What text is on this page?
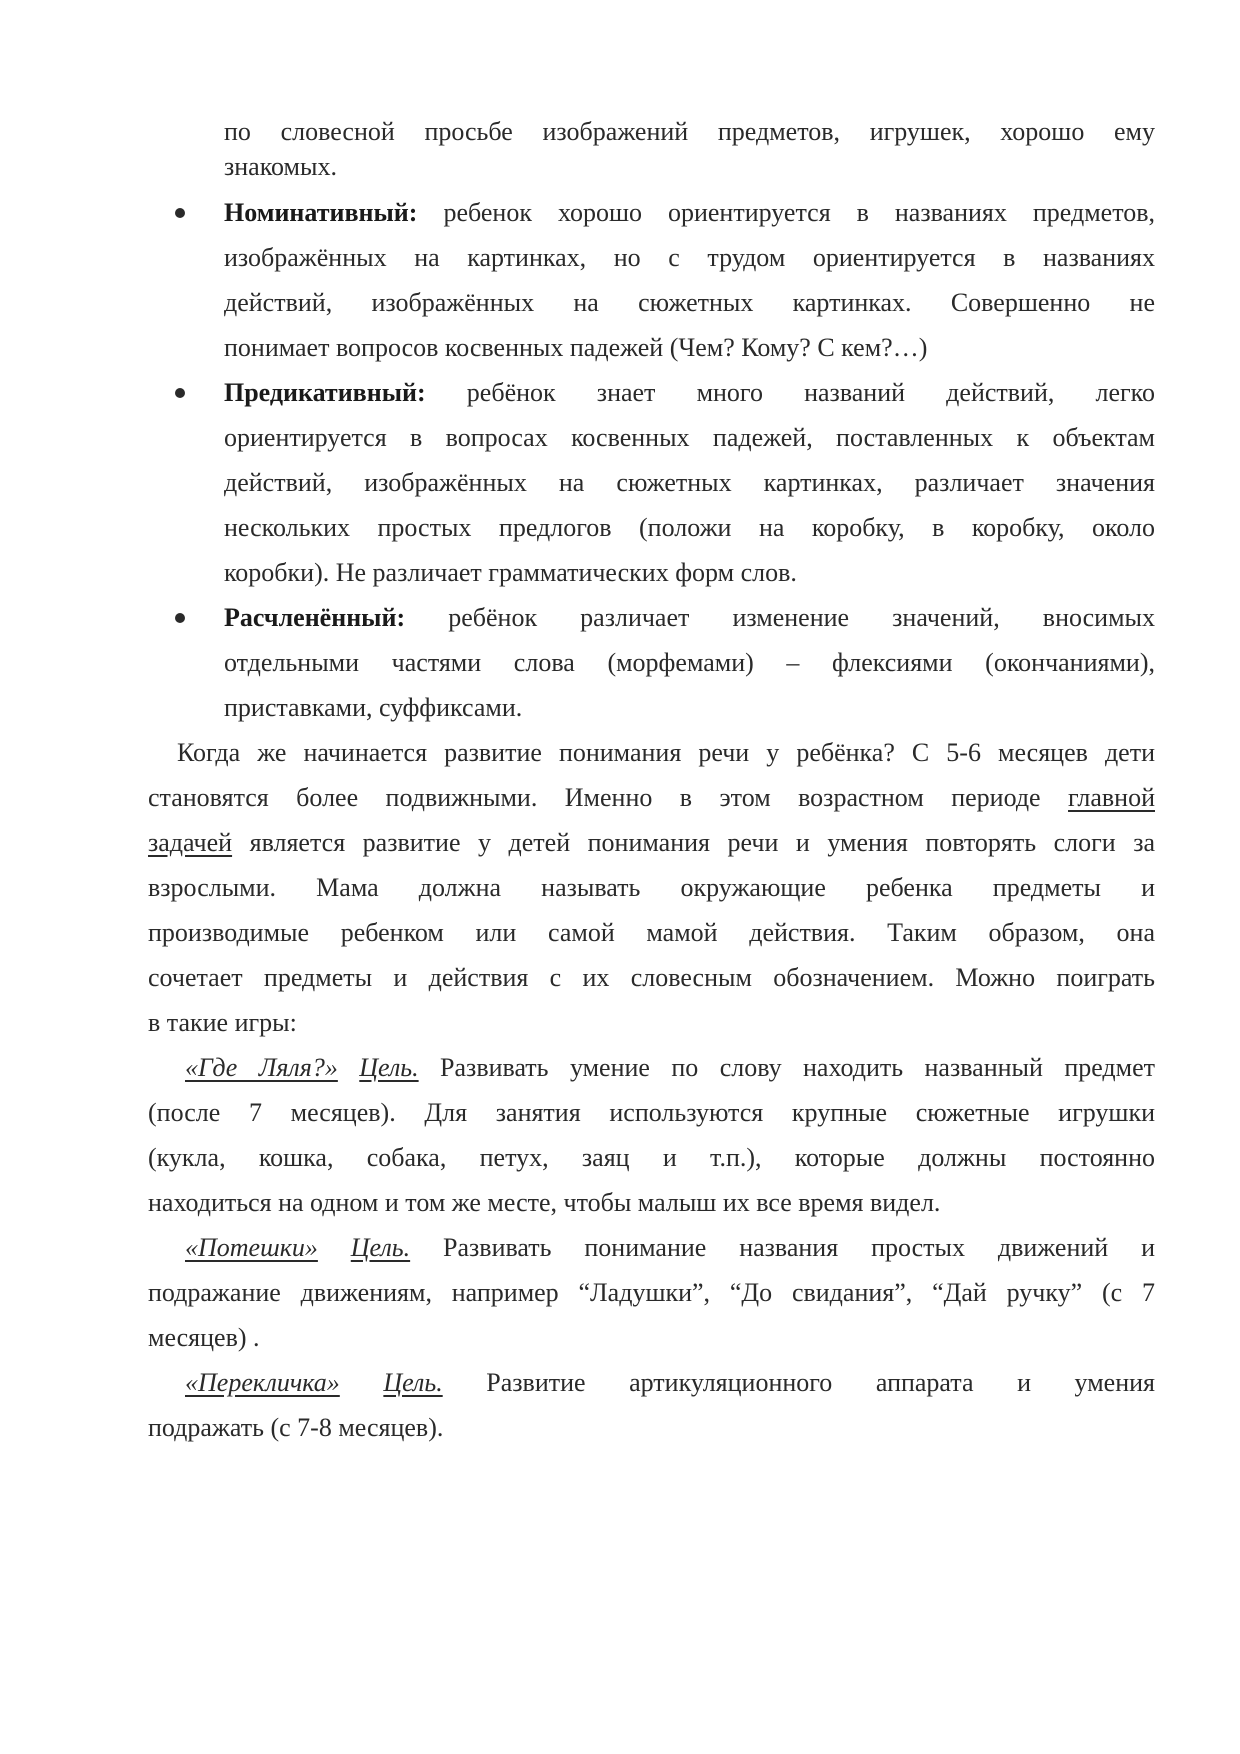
по словесной просьбе изображений предметов, игрушек, хорошо ему
знакомых.
Номинативный: ребенок хорошо ориентируется в названиях предметов,
изображённых на картинках, но с трудом ориентируется в названиях
действий, изображённых на сюжетных картинках. Совершенно не
понимает вопросов косвенных падежей (Чем? Кому? С кем?…)
Предикативный: ребёнок знает много названий действий, легко
ориентируется в вопросах косвенных падежей, поставленных к объектам
действий, изображённых на сюжетных картинках, различает значения
нескольких простых предлогов (положи на коробку, в коробку, около
коробки). Не различает грамматических форм слов.
Расчленённый: ребёнок различает изменение значений, вносимых
отдельными частями слова (морфемами) – флексиями (окончаниями),
приставками, суффиксами.
Когда же начинается развитие понимания речи у ребёнка? С 5-6 месяцев дети
становятся более подвижными. Именно в этом возрастном периоде главной
задачей является развитие у детей понимания речи и умения повторять слоги за
взрослыми. Мама должна называть окружающие ребенка предметы и
производимые ребенком или самой мамой действия. Таким образом, она
сочетает предметы и действия с их словесным обозначением. Можно поиграть
в такие игры:
«Где Ляля?» Цель. Развивать умение по слову находить названный предмет
(после 7 месяцев). Для занятия используются крупные сюжетные игрушки
(кукла, кошка, собака, петух, заяц и т.п.), которые должны постоянно
находиться на одном и том же месте, чтобы малыш их все время видел.
«Потешки» Цель. Развивать понимание названия простых движений и
подражание движениям, например “Ладушки”, “До свидания”, “Дай ручку” (с 7
месяцев) .
«Перекличка» Цель. Развитие артикуляционного аппарата и умения
подражать (с 7-8 месяцев).
